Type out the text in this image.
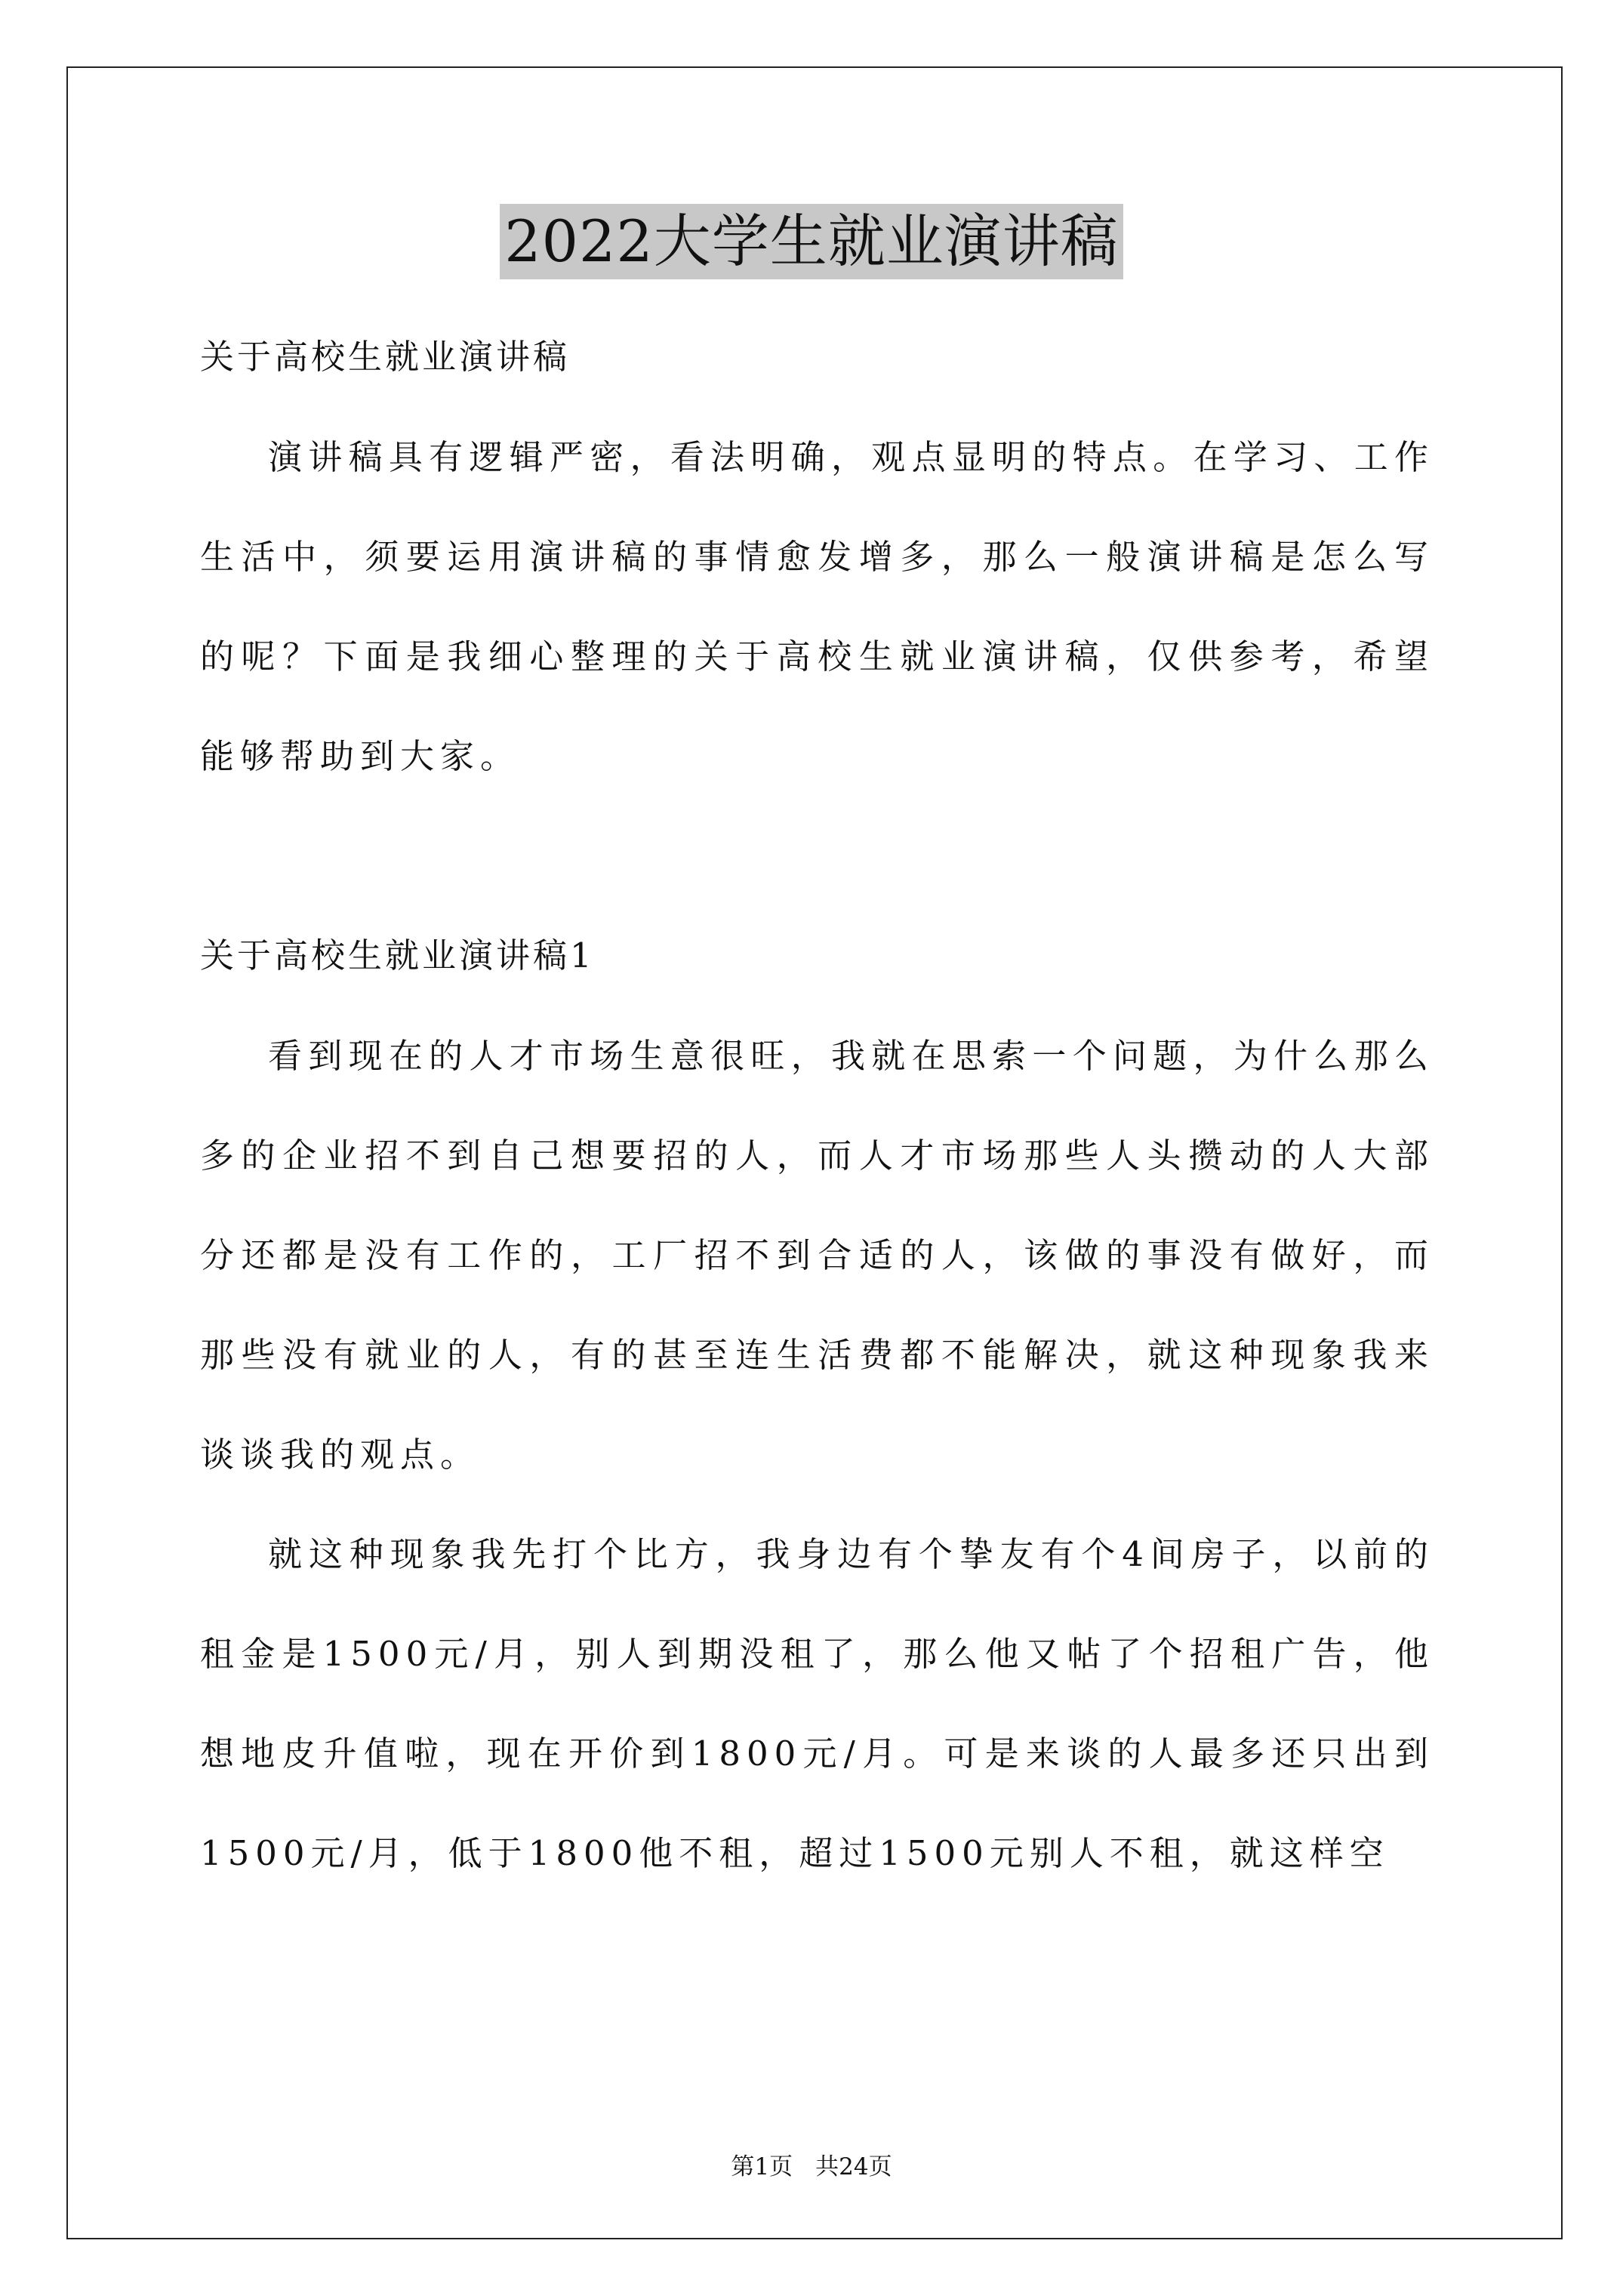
2022大学生就业演讲稿

关于高校生就业演讲稿

演讲稿具有逻辑严密，看法明确，观点显明的特点。在学习、工作生活中，须要运用演讲稿的事情愈发增多，那么一般演讲稿是怎么写的呢？下面是我细心整理的关于高校生就业演讲稿，仅供参考，希望能够帮助到大家。

关于高校生就业演讲稿1

看到现在的人才市场生意很旺，我就在思索一个问题，为什么那么多的企业招不到自己想要招的人，而人才市场那些人头攒动的人大部分还都是没有工作的，工厂招不到合适的人，该做的事没有做好，而那些没有就业的人，有的甚至连生活费都不能解决，就这种现象我来谈谈我的观点。

就这种现象我先打个比方，我身边有个挚友有个4间房子，以前的租金是1500元/月，别人到期没租了，那么他又帖了个招租广告，他想地皮升值啦，现在开价到1800元/月。可是来谈的人最多还只出到1500元/月，低于1800他不租，超过1500元别人不租，就这样空

第1页 共24页
